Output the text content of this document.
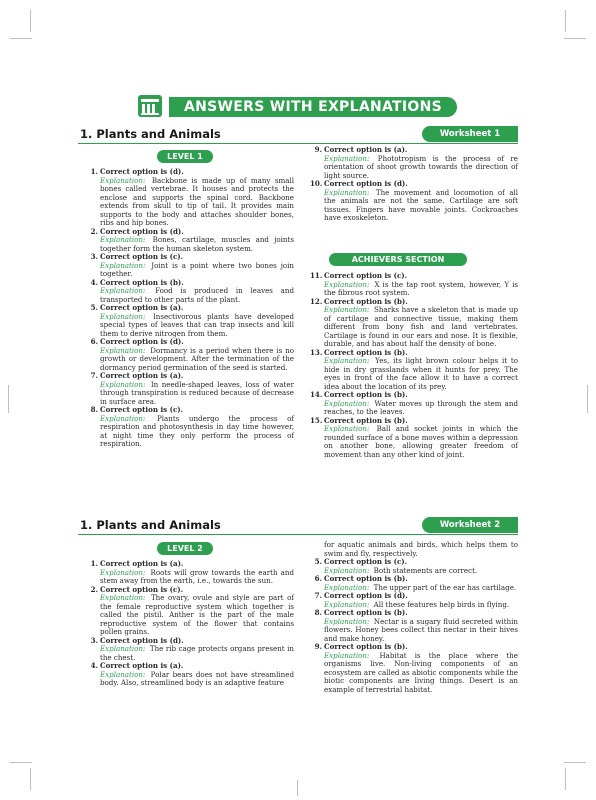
ANSWERS WITH EXPLANATIONS
1. Plants and Animals	Worksheet 1
LEVEL 1
1. Correct option is (d).
Explanation: Backbone is made up of many small bones called vertebrae. It houses and protects the enclose and supports the spinal cord. Backbone extends from skull to tip of tail. It provides main supports to the body and attaches shoulder bones, ribs and hip bones.
2. Correct option is (d).
Explanation: Bones, cartilage, muscles and joints together form the human skeleton system.
3. Correct option is (c).
Explanation: Joint is a point where two bones join together.
4. Correct option is (b).
Explanation: Food is produced in leaves and transported to other parts of the plant.
5. Correct option is (a).
Explanation: Insectivorous plants have developed special types of leaves that can trap insects and kill them to derive nitrogen from them.
6. Correct option is (d).
Explanation: Dormancy is a period when there is no growth or development. After the termination of the dormancy period germination of the seed is started.
7. Correct option is (a).
Explanation: In needle-shaped leaves, loss of water through transpiration is reduced because of decrease in surface area.
8. Correct option is (c).
Explanation: Plants undergo the process of respiration and photosynthesis in day time however, at night time they only perform the process of respiration.
9. Correct option is (a).
Explanation: Phototropism is the process of re orientation of shoot growth towards the direction of light source.
10. Correct option is (d).
Explanation: The movement and locomotion of all the animals are not the same. Cartilage are soft tissues. Fingers have movable joints. Cockroaches have exoskeleton.
ACHIEVERS SECTION
11. Correct option is (c).
Explanation: X is the tap root system, however, Y is the fibrous root system.
12. Correct option is (b).
Explanation: Sharks have a skeleton that is made up of cartilage and connective tissue, making them different from bony fish and land vertebrates. Cartilage is found in our ears and nose. It is flexible, durable, and has about half the density of bone.
13. Correct option is (b).
Explanation: Yes, its light brown colour helps it to hide in dry grasslands when it hunts for prey. The eyes in front of the face allow it to have a correct idea about the location of its prey.
14. Correct option is (b).
Explanation: Water moves up through the stem and reaches, to the leaves.
15. Correct option is (b).
Explanation: Ball and socket joints in which the rounded surface of a bone moves within a depression on another bone, allowing greater freedom of movement than any other kind of joint.
1. Plants and Animals	Worksheet 2
LEVEL 2
1. Correct option is (a).
Explanation: Roots will grow towards the earth and stem away from the earth, i.e., towards the sun.
2. Correct option is (c).
Explanation: The ovary, ovule and style are part of the female reproductive system which together is called the pistil. Anther is the part of the male reproductive system of the flower that contains pollen grains.
3. Correct option is (d).
Explanation: The rib cage protects organs present in the chest.
4. Correct option is (a).
Explanation: Polar bears does not have streamlined body. Also, streamlined body is an adaptive feature
for aquatic animals and birds, which helps them to swim and fly, respectively.
5. Correct option is (c).
Explanation: Both statements are correct.
6. Correct option is (b).
Explanation: The upper part of the ear has cartilage.
7. Correct option is (d).
Explanation: All these features help birds in flying.
8. Correct option is (b).
Explanation: Nectar is a sugary fluid secreted within flowers. Honey bees collect this nectar in their hives and make honey.
9. Correct option is (b).
Explanation: Habitat is the place where the organisms live. Non-living components of an ecosystem are called as abiotic components while the biotic components are living things. Desert is an example of terrestrial habitat.
